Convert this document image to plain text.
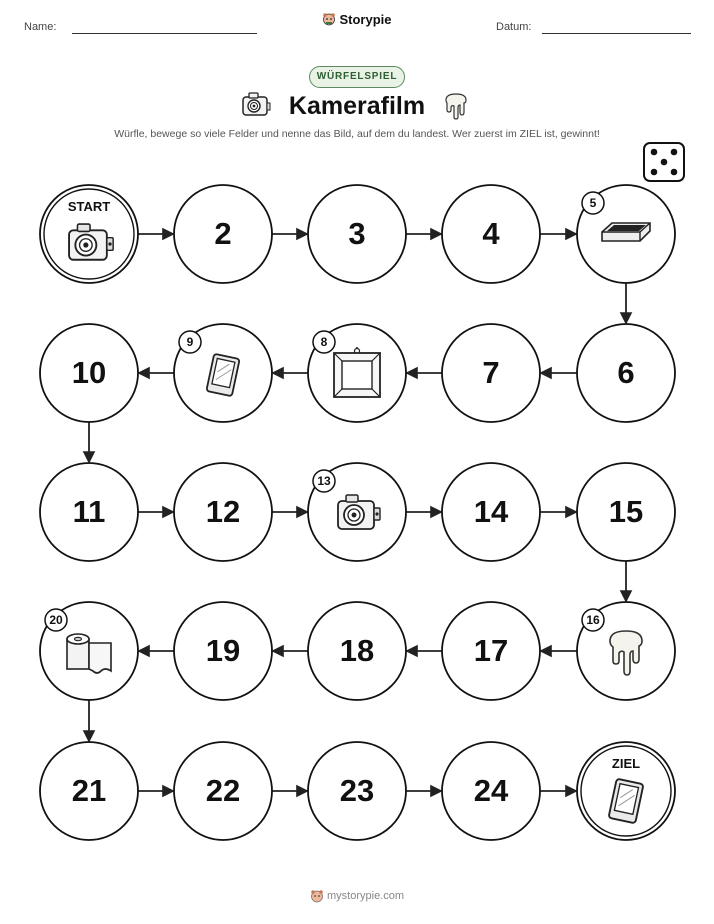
Name:	Storypie	Datum:
WÜRFELSPIEL
Kamerafilm
Würfle, bewege so viele Felder und nenne das Bild, auf dem du landest. Wer zuerst im ZIEL ist, gewinnt!
START
2	3	4
5
6
7
8
9
10
11	12
13
14	15
16
17
18
19
20
21	22	23	24
ZIEL
mystorypie.com
